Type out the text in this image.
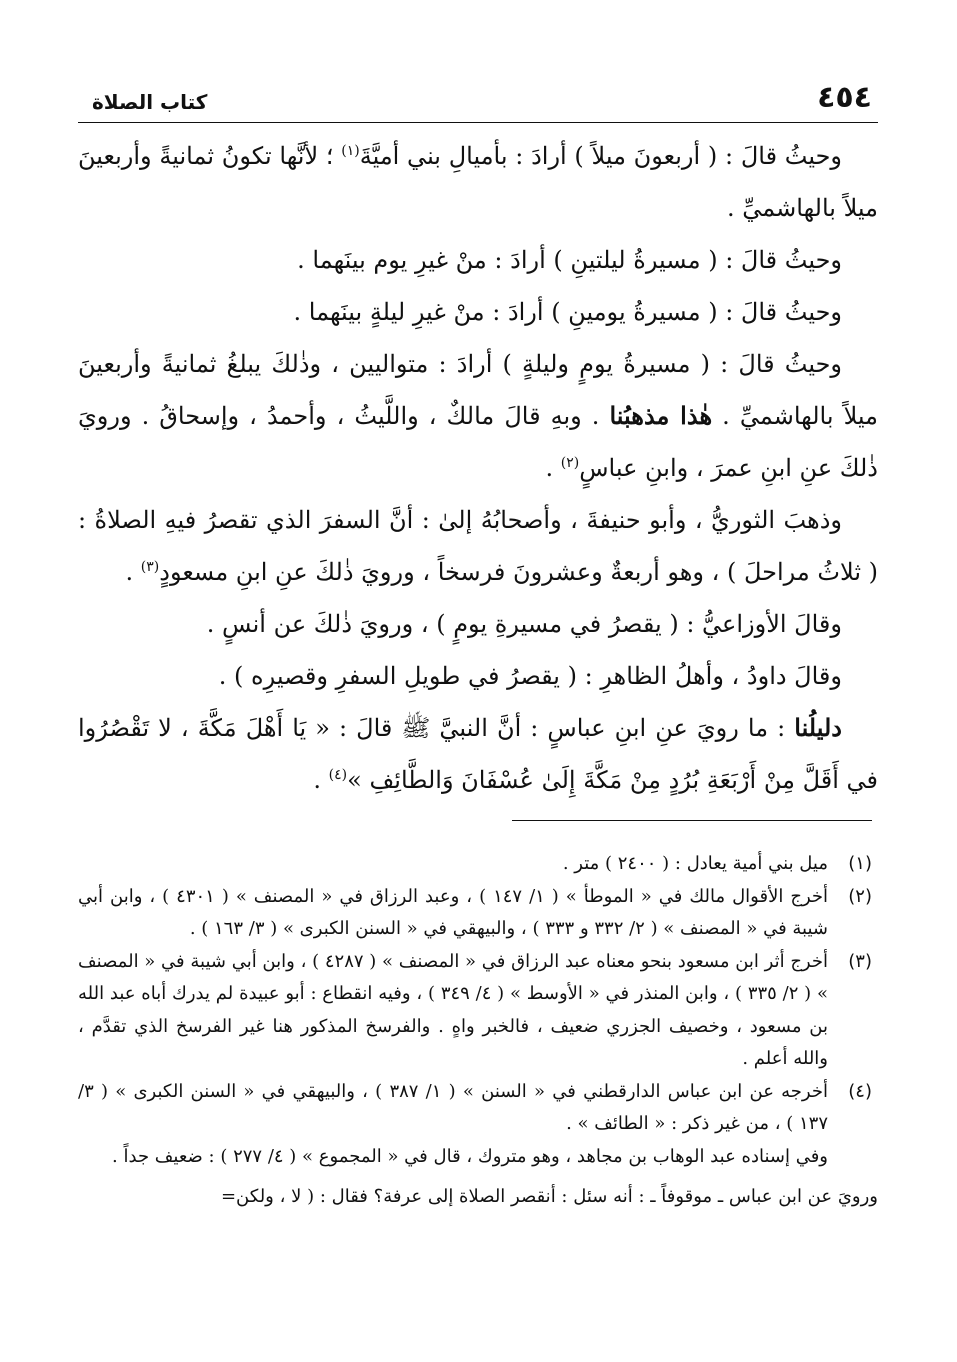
٤٥٤
كتاب الصلاة

وحيثُ قالَ : ( أربعونَ ميلاً ) أرادَ : بأميالِ بني أميَّةَ$^{(١)}$ ؛ لأنَّها تكونُ ثمانيةً وأربعينَ ميلاً بالهاشميِّ .

وحيثُ قالَ : ( مسيرةُ ليلتينِ ) أرادَ : منْ غيرِ يوم بينَهما .

وحيثُ قالَ : ( مسيرةُ يومينِ ) أرادَ : منْ غيرِ ليلةٍ بينَهما .

وحيثُ قالَ : ( مسيرةُ يومٍ وليلةٍ ) أرادَ : متواليين ، وذٰلكَ يبلغُ ثمانيةً وأربعينَ ميلاً بالهاشميِّ . هٰذا مذهبُنا . وبهِ قالَ مالكٌ ، واللَّيثُ ، وأحمدُ ، وإسحاقُ . ورويَ ذٰلكَ عنِ ابنِ عمرَ ، وابنِ عباسٍ$^{(٢)}$ .

وذهبَ الثوريُّ ، وأبو حنيفةَ ، وأصحابُهُ إلىٰ : أنَّ السفرَ الذي تقصرُ فيهِ الصلاةُ : ( ثلاثُ مراحلَ ) ، وهو أربعةٌ وعشرونَ فرسخاً ، ورويَ ذٰلكَ عنِ ابنِ مسعودٍ$^{(٣)}$ .

وقالَ الأوزاعيُّ : ( يقصرُ في مسيرةِ يومٍ ) ، ورويَ ذٰلكَ عن أنسٍ .

وقالَ داودُ ، وأهلُ الظاهرِ : ( يقصرُ في طويلِ السفرِ وقصيرِه ) .

دليلُنا : ما رويَ عنِ ابنِ عباسٍ : أنَّ النبيَّ ﷺ قالَ : « يَا أَهْلَ مَكَّةَ ، لا تَقْصُرُوا في أَقَلَّ مِنْ أَرْبَعَةِ بُرُدٍ مِنْ مَكَّةَ إِلَىٰ عُسْفَانَ وَالطَّائِفِ »$^{(٤)}$ .

(١)
ميل بني أمية يعادل : ( ٢٤٠٠ ) متر .
(٢)
أخرج الأقوال مالك في « الموطأ » ( ١/ ١٤٧ ) ، وعبد الرزاق في « المصنف » ( ٤٣٠١ ) ، وابن أبي شيبة في « المصنف » ( ٢/ ٣٣٢ و ٣٣٣ ) ، والبيهقي في « السنن الكبرى » ( ٣/ ١٦٣ ) .
(٣)
أخرج أثر ابن مسعود بنحو معناه عبد الرزاق في « المصنف » ( ٤٢٨٧ ) ، وابن أبي شيبة في « المصنف » ( ٢/ ٣٣٥ ) ، وابن المنذر في « الأوسط » ( ٤/ ٣٤٩ ) ، وفيه انقطاع : أبو عبيدة لم يدرك أباه عبد الله بن مسعود ، وخصيف الجزري ضعيف ، فالخبر واهٍ . والفرسخ المذكور هنا غير الفرسخ الذي تقدَّم ، والله أعلم .
(٤)
أخرجه عن ابن عباس الدارقطني في « السنن » ( ١/ ٣٨٧ ) ، والبيهقي في « السنن الكبرى » ( ٣/ ١٣٧ ) ، من غير ذكر : « الطائف » .

وفي إسناده عبد الوهاب بن مجاهد ، وهو متروك ، قال في « المجموع » ( ٤/ ٢٧٧ ) : ضعيف جداً .

ورويَ عن ابن عباس ـ موقوفاً ـ : أنه سئل : أنقصر الصلاة إلى عرفة؟ فقال : ( لا ، ولكن=
